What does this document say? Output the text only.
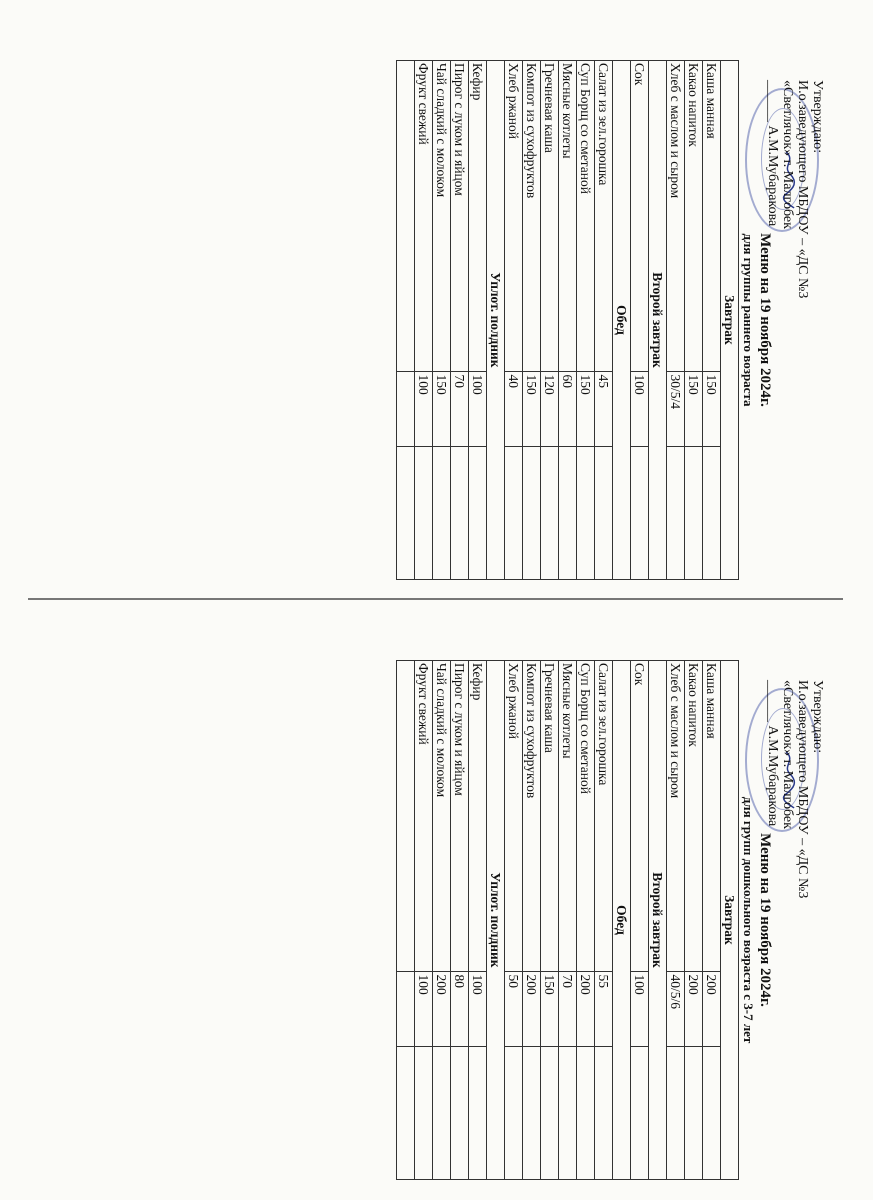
Утверждаю:
И.о.заведующего МБДОУ – «ДС №3
«Светлячок» г. Малгобек
______ А.М.Мубаракова
Меню на 19 ноября 2024г.
для группы раннего возраста
Завтрак		
Каша манная	150	
Какао напиток	150	
Хлеб с маслом и сыром	30/5/4	
Второй завтрак		
Сок	100	
Обед		
Салат из зел.горошка	45	
Суп Борщ со сметаной	150	
Мясные котлеты	60	
Гречневая каша	120	
Компот из сухофруктов	150	
Хлеб ржаной	40	
Уплот. полдник		
Кефир	100	
Пирог с луком и яйцом	70	
Чай сладкий с молоком	150	
Фрукт свежий	100	

Утверждаю:
И.о.заведующего МБДОУ – «ДС №3
«Светлячок» г. Малгобек
______ А.М.Мубаракова
Меню на 19 ноября 2024г.
для групп дошкольного возраста с 3-7 лет
Завтрак		
Каша манная	200	
Какао напиток	200	
Хлеб с маслом и сыром	40/5/6	
Второй завтрак		
Сок	100	
Обед		
Салат из зел.горошка	55	
Суп Борщ со сметаной	200	
Мясные котлеты	70	
Гречневая каша	150	
Компот из сухофруктов	200	
Хлеб ржаной	50	
Уплот. полдник		
Кефир	100	
Пирог с луком и яйцом	80	
Чай сладкий с молоком	200	
Фрукт свежий	100	
